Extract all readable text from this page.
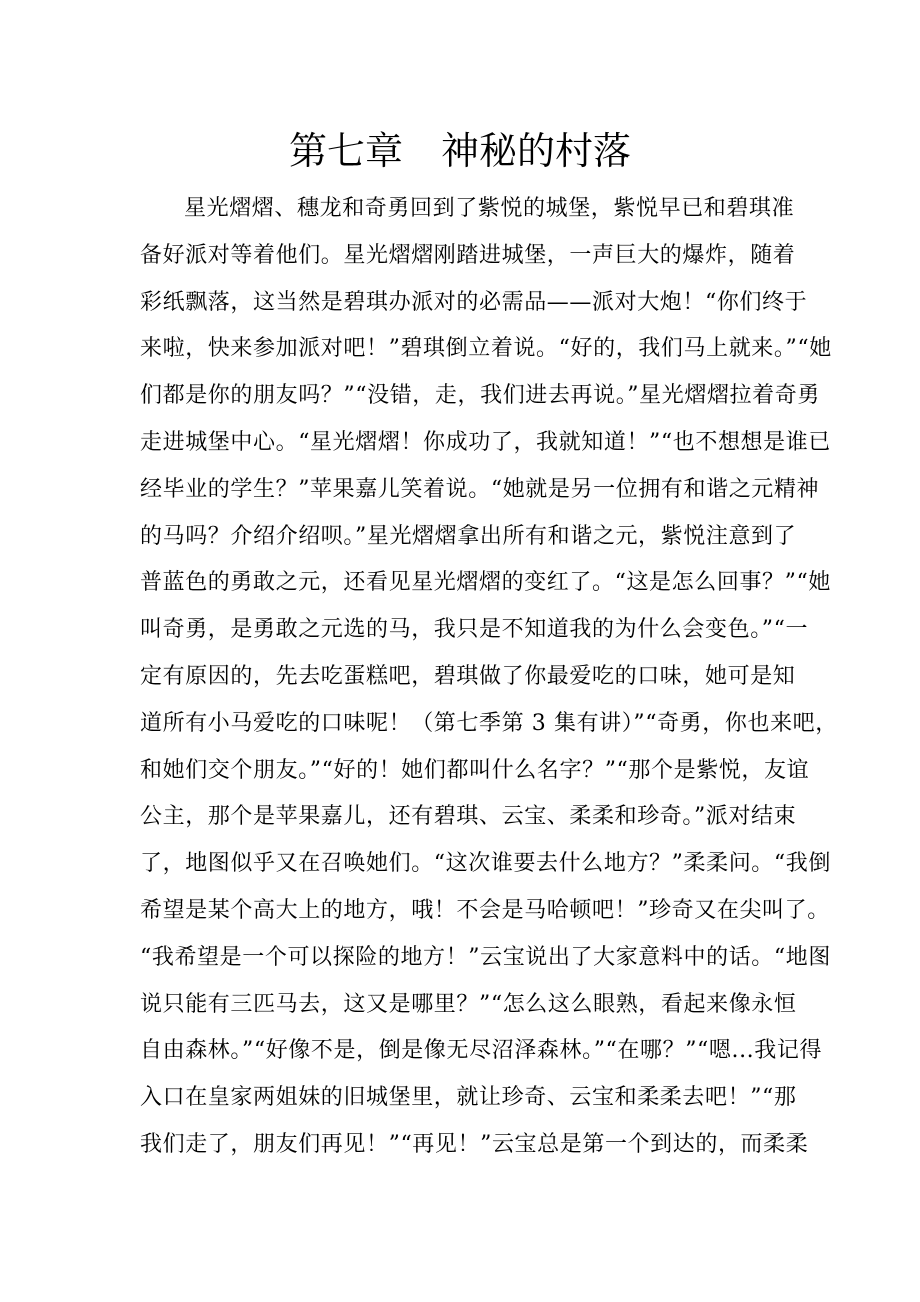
第七章　神秘的村落
星光熠熠、穗龙和奇勇回到了紫悦的城堡，紫悦早已和碧琪准
备好派对等着他们。星光熠熠刚踏进城堡，一声巨大的爆炸，随着
彩纸飘落，这当然是碧琪办派对的必需品——派对大炮！“你们终于
来啦，快来参加派对吧！”碧琪倒立着说。“好的，我们马上就来。”“她
们都是你的朋友吗？”“没错，走，我们进去再说。”星光熠熠拉着奇勇
走进城堡中心。“星光熠熠！你成功了，我就知道！”“也不想想是谁已
经毕业的学生？”苹果嘉儿笑着说。“她就是另一位拥有和谐之元精神
的马吗？介绍介绍呗。”星光熠熠拿出所有和谐之元，紫悦注意到了
普蓝色的勇敢之元，还看见星光熠熠的变红了。“这是怎么回事？”“她
叫奇勇，是勇敢之元选的马，我只是不知道我的为什么会变色。”“一
定有原因的，先去吃蛋糕吧，碧琪做了你最爱吃的口味，她可是知
道所有小马爱吃的口味呢！（第七季第 3 集有讲）”“奇勇，你也来吧，
和她们交个朋友。”“好的！她们都叫什么名字？”“那个是紫悦，友谊
公主，那个是苹果嘉儿，还有碧琪、云宝、柔柔和珍奇。”派对结束
了，地图似乎又在召唤她们。“这次谁要去什么地方？”柔柔问。“我倒
希望是某个高大上的地方，哦！不会是马哈顿吧！”珍奇又在尖叫了。
“我希望是一个可以探险的地方！”云宝说出了大家意料中的话。“地图
说只能有三匹马去，这又是哪里？”“怎么这么眼熟，看起来像永恒
自由森林。”“好像不是，倒是像无尽沼泽森林。”“在哪？”“嗯...我记得
入口在皇家两姐妹的旧城堡里，就让珍奇、云宝和柔柔去吧！”“那
我们走了，朋友们再见！”“再见！”云宝总是第一个到达的，而柔柔
